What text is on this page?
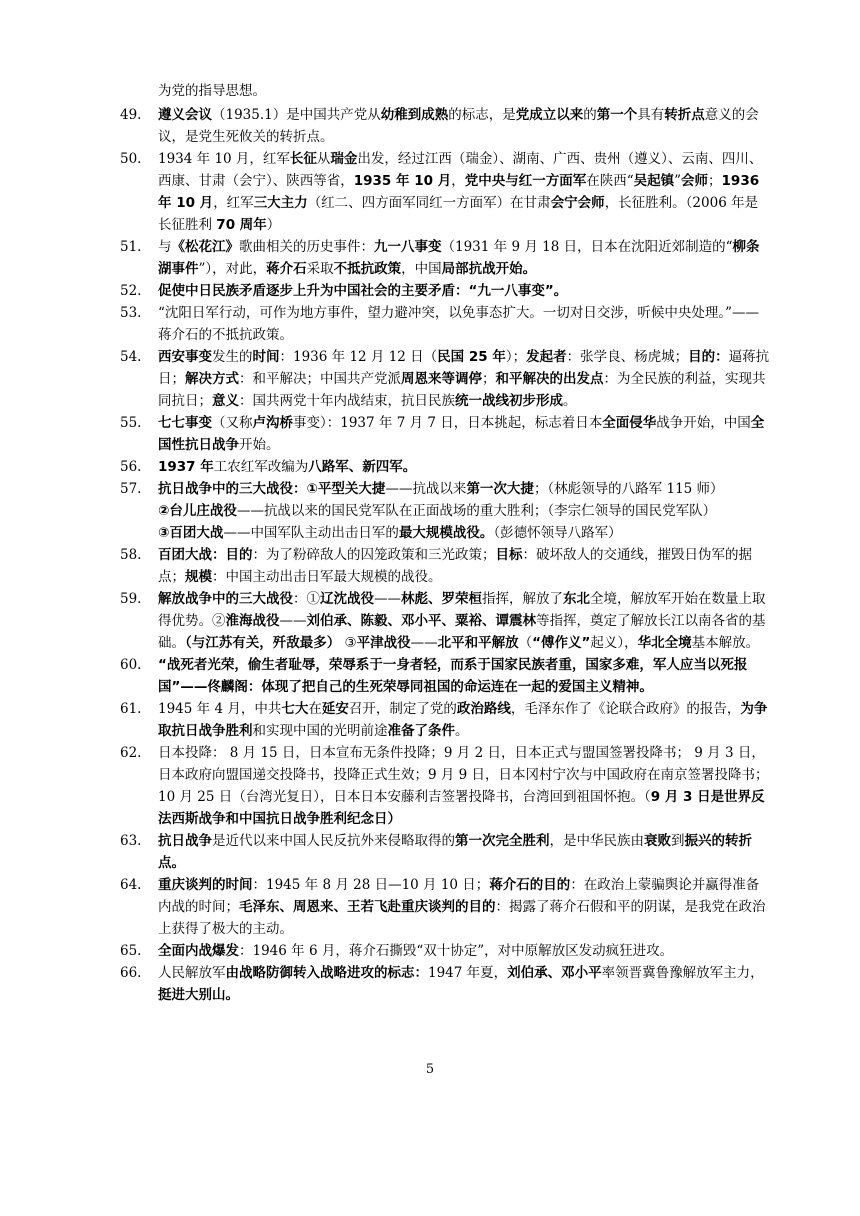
为党的指导思想。
49.	遵义会议（1935.1）是中国共产党从幼稚到成熟的标志，是党成立以来的第一个具有转折点意义的会议，是党生死攸关的转折点。

50.	1934 年 10 月，红军长征从瑞金出发，经过江西（瑞金）、湖南、广西、贵州（遵义）、云南、四川、西康、甘肃（会宁）、陕西等省，1935 年 10 月，党中央与红一方面军在陕西“吴起镇”会师；1936 年 10 月，红军三大主力（红二、四方面军同红一方面军）在甘肃会宁会师，长征胜利。（2006 年是长征胜利 70 周年）

51.	与《松花江》歌曲相关的历史事件：九一八事变（1931 年 9 月 18 日，日本在沈阳近郊制造的“柳条湖事件”），对此，蒋介石采取不抵抗政策，中国局部抗战开始。

52.	促使中日民族矛盾逐步上升为中国社会的主要矛盾：“九一八事变”。

53.	“沈阳日军行动，可作为地方事件，望力避冲突，以免事态扩大。一切对日交涉，听候中央处理。”—— 蒋介石的不抵抗政策。

54.	西安事变发生的时间：1936 年 12 月 12 日（民国 25 年）；发起者：张学良、杨虎城；目的：逼蒋抗日；解决方式：和平解决；中国共产党派周恩来等调停；和平解决的出发点：为全民族的利益，实现共同抗日；意义：国共两党十年内战结束，抗日民族统一战线初步形成。

55.	七七事变（又称卢沟桥事变）：1937 年 7 月 7 日，日本挑起，标志着日本全面侵华战争开始，中国全国性抗日战争开始。

56.	1937 年工农红军改编为八路军、新四军。

57.	抗日战争中的三大战役：①平型关大捷——抗战以来第一次大捷；（林彪领导的八路军 115 师）
②台儿庄战役——抗战以来的国民党军队在正面战场的重大胜利；（李宗仁领导的国民党军队）
③百团大战——中国军队主动出击日军的最大规模战役。（彭德怀领导八路军）

58.	百团大战：目的：为了粉碎敌人的囚笼政策和三光政策；目标：破坏敌人的交通线，摧毁日伪军的据点；规模：中国主动出击日军最大规模的战役。

59.	解放战争中的三大战役：①辽沈战役——林彪、罗荣桓指挥，解放了东北全境，解放军开始在数量上取得优势。②淮海战役——刘伯承、陈毅、邓小平、粟裕、谭震林等指挥，奠定了解放长江以南各省的基础。（与江苏有关，歼敌最多） ③平津战役——北平和平解放（“傅作义”起义），华北全境基本解放。

60.	“战死者光荣，偷生者耻辱，荣辱系于一身者轻，而系于国家民族者重，国家多难，军人应当以死报国”——佟麟阁：体现了把自己的生死荣辱同祖国的命运连在一起的爱国主义精神。

61.	1945 年 4 月，中共七大在延安召开，制定了党的政治路线，毛泽东作了《论联合政府》的报告，为争取抗日战争胜利和实现中国的光明前途准备了条件。

62.	日本投降： 8 月 15 日，日本宣布无条件投降；9 月 2 日，日本正式与盟国签署投降书； 9 月 3 日，日本政府向盟国递交投降书，投降正式生效；9 月 9 日，日本冈村宁次与中国政府在南京签署投降书；10 月 25 日（台湾光复日），日本日本安藤利吉签署投降书，台湾回到祖国怀抱。（9 月 3 日是世界反法西斯战争和中国抗日战争胜利纪念日）

63.	抗日战争是近代以来中国人民反抗外来侵略取得的第一次完全胜利，是中华民族由衰败到振兴的转折点。

64.	重庆谈判的时间：1945 年 8 月 28 日—10 月 10 日；蒋介石的目的：在政治上蒙骗舆论并赢得准备内战的时间；毛泽东、周恩来、王若飞赴重庆谈判的目的：揭露了蒋介石假和平的阴谋，是我党在政治上获得了极大的主动。

65.	全面内战爆发：1946 年 6 月，蒋介石撕毁“双十协定”，对中原解放区发动疯狂进攻。

66.	人民解放军由战略防御转入战略进攻的标志：1947 年夏，刘伯承、邓小平率领晋冀鲁豫解放军主力，挺进大别山。

5
